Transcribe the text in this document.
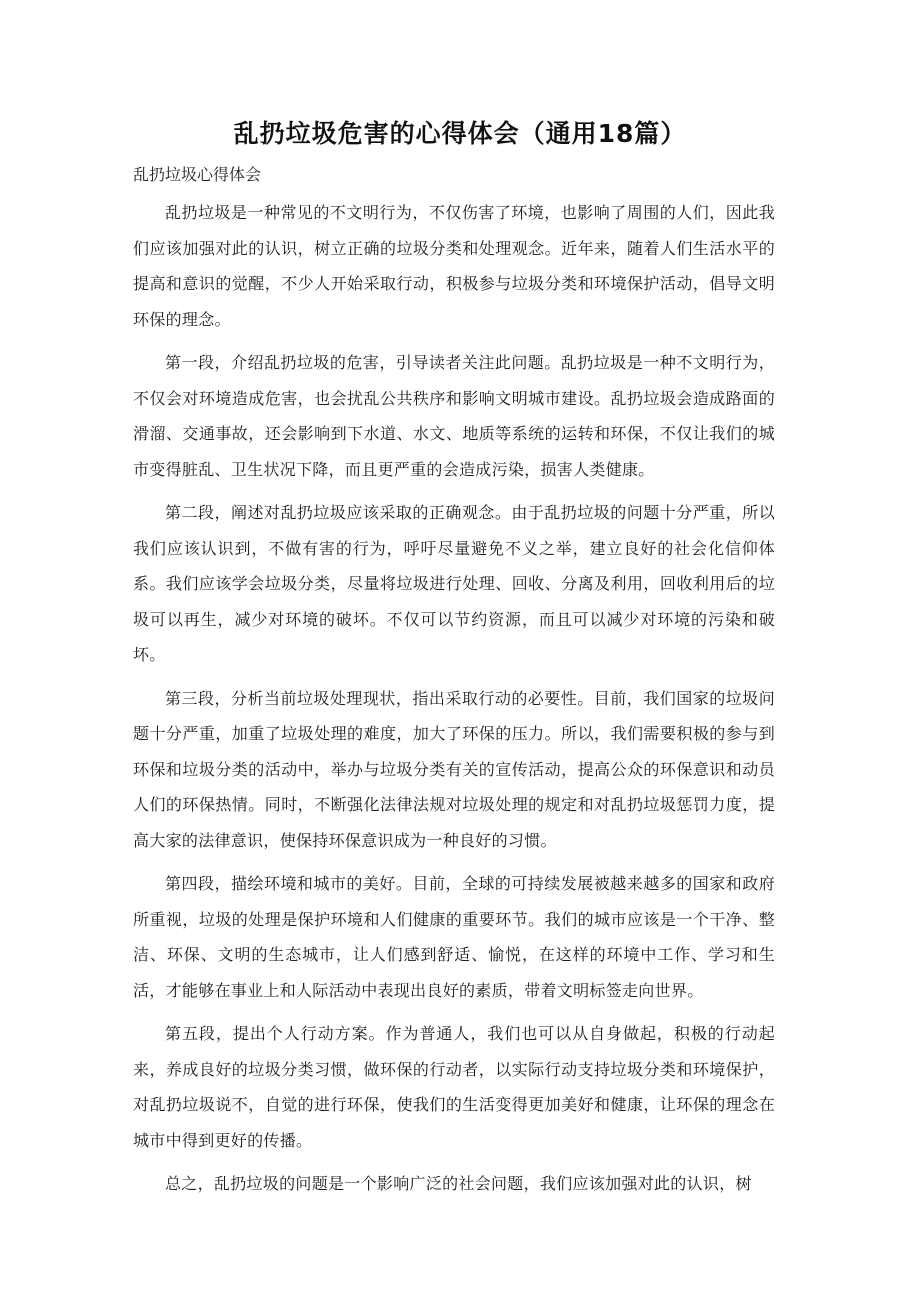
乱扔垃圾危害的心得体会（通用18篇）
乱扔垃圾心得体会

乱扔垃圾是一种常见的不文明行为，不仅伤害了环境，也影响了周围的人们，因此我们应该加强对此的认识，树立正确的垃圾分类和处理观念。近年来，随着人们生活水平的提高和意识的觉醒，不少人开始采取行动，积极参与垃圾分类和环境保护活动，倡导文明环保的理念。

第一段，介绍乱扔垃圾的危害，引导读者关注此问题。乱扔垃圾是一种不文明行为，不仅会对环境造成危害，也会扰乱公共秩序和影响文明城市建设。乱扔垃圾会造成路面的滑溜、交通事故，还会影响到下水道、水文、地质等系统的运转和环保，不仅让我们的城市变得脏乱、卫生状况下降，而且更严重的会造成污染，损害人类健康。

第二段，阐述对乱扔垃圾应该采取的正确观念。由于乱扔垃圾的问题十分严重，所以我们应该认识到，不做有害的行为，呼吁尽量避免不义之举，建立良好的社会化信仰体系。我们应该学会垃圾分类，尽量将垃圾进行处理、回收、分离及利用，回收利用后的垃圾可以再生，减少对环境的破坏。不仅可以节约资源，而且可以减少对环境的污染和破坏。

第三段，分析当前垃圾处理现状，指出采取行动的必要性。目前，我们国家的垃圾问题十分严重，加重了垃圾处理的难度，加大了环保的压力。所以，我们需要积极的参与到环保和垃圾分类的活动中，举办与垃圾分类有关的宣传活动，提高公众的环保意识和动员人们的环保热情。同时，不断强化法律法规对垃圾处理的规定和对乱扔垃圾惩罚力度，提高大家的法律意识，使保持环保意识成为一种良好的习惯。

第四段，描绘环境和城市的美好。目前，全球的可持续发展被越来越多的国家和政府所重视，垃圾的处理是保护环境和人们健康的重要环节。我们的城市应该是一个干净、整洁、环保、文明的生态城市，让人们感到舒适、愉悦，在这样的环境中工作、学习和生活，才能够在事业上和人际活动中表现出良好的素质，带着文明标签走向世界。

第五段，提出个人行动方案。作为普通人，我们也可以从自身做起，积极的行动起来，养成良好的垃圾分类习惯，做环保的行动者，以实际行动支持垃圾分类和环境保护，对乱扔垃圾说不，自觉的进行环保，使我们的生活变得更加美好和健康，让环保的理念在城市中得到更好的传播。

总之，乱扔垃圾的问题是一个影响广泛的社会问题，我们应该加强对此的认识，树
